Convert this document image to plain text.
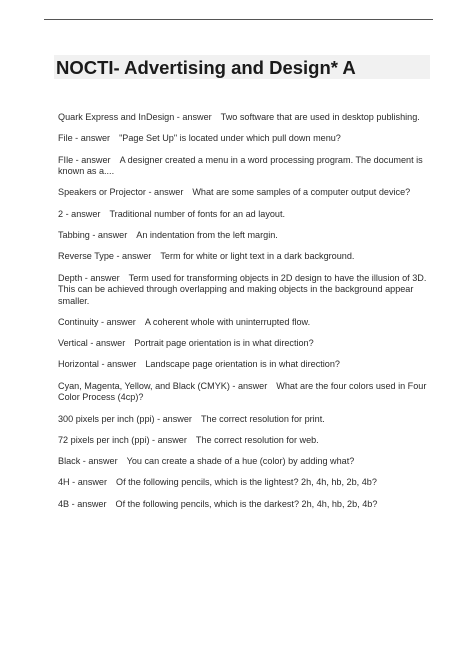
NOCTI- Advertising and Design* A

Quark Express and InDesign - answer Two software that are used in desktop publishing.

File - answer "Page Set Up" is located under which pull down menu?

FIle - answer A designer created a menu in a word processing program. The document is known as a....

Speakers or Projector - answer What are some samples of a computer output device?

2 - answer Traditional number of fonts for an ad layout.

Tabbing - answer An indentation from the left margin.

Reverse Type - answer Term for white or light text in a dark background.

Depth - answer Term used for transforming objects in 2D design to have the illusion of 3D. This can be achieved through overlapping and making objects in the background appear smaller.

Continuity - answer A coherent whole with uninterrupted flow.

Vertical - answer Portrait page orientation is in what direction?

Horizontal - answer Landscape page orientation is in what direction?

Cyan, Magenta, Yellow, and Black (CMYK) - answer What are the four colors used in Four Color Process (4cp)?

300 pixels per inch (ppi) - answer The correct resolution for print.

72 pixels per inch (ppi) - answer The correct resolution for web.

Black - answer You can create a shade of a hue (color) by adding what?

4H - answer Of the following pencils, which is the lightest? 2h, 4h, hb, 2b, 4b?

4B - answer Of the following pencils, which is the darkest? 2h, 4h, hb, 2b, 4b?
